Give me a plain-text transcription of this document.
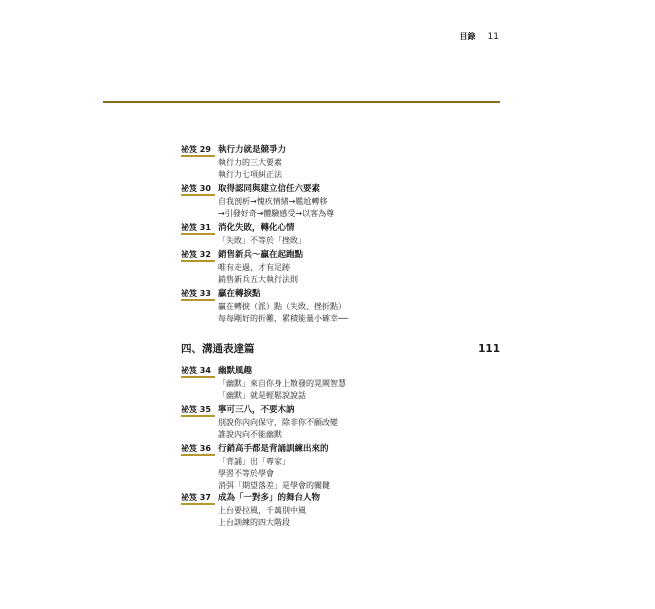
目錄 11
祕笈 29 執行力就是競爭力
執行力的三大要素
執行力七項糾正法
祕笈 30 取得認同與建立信任六要素
自我剖析→愧疚情緒→尷尬轉移
→引發好奇→體驗感受→以客為尊
祕笈 31 消化失敗，轉化心情
「失敗」不等於「挫敗」
祕笈 32 銷售新兵～贏在起跑點
唯有走過，才有足跡
銷售新兵五大執行法則
祕笈 33 贏在轉捩點
贏在轉捩（派）點（失敗、挫折點）
每每剛好的折難，累積能量小確幸──
四、溝通表達篇	111
祕笈 34 幽默風趣
「幽默」來自你身上散發的晃閘智慧
「幽默」就是輕鬆說說話
祕笈 35 寧可三八，不要木訥
別說你內向保守，除非你不願改變
誰說內向不能幽默
祕笈 36 行銷高手都是背誦訓練出來的
「背誦」出「專家」
學習不等於學會
消弭「期望落差」是學會的關鍵
祕笈 37 成為「一對多」的舞台人物
上台要拉風，千萬別中風
上台訓練的四大階段
